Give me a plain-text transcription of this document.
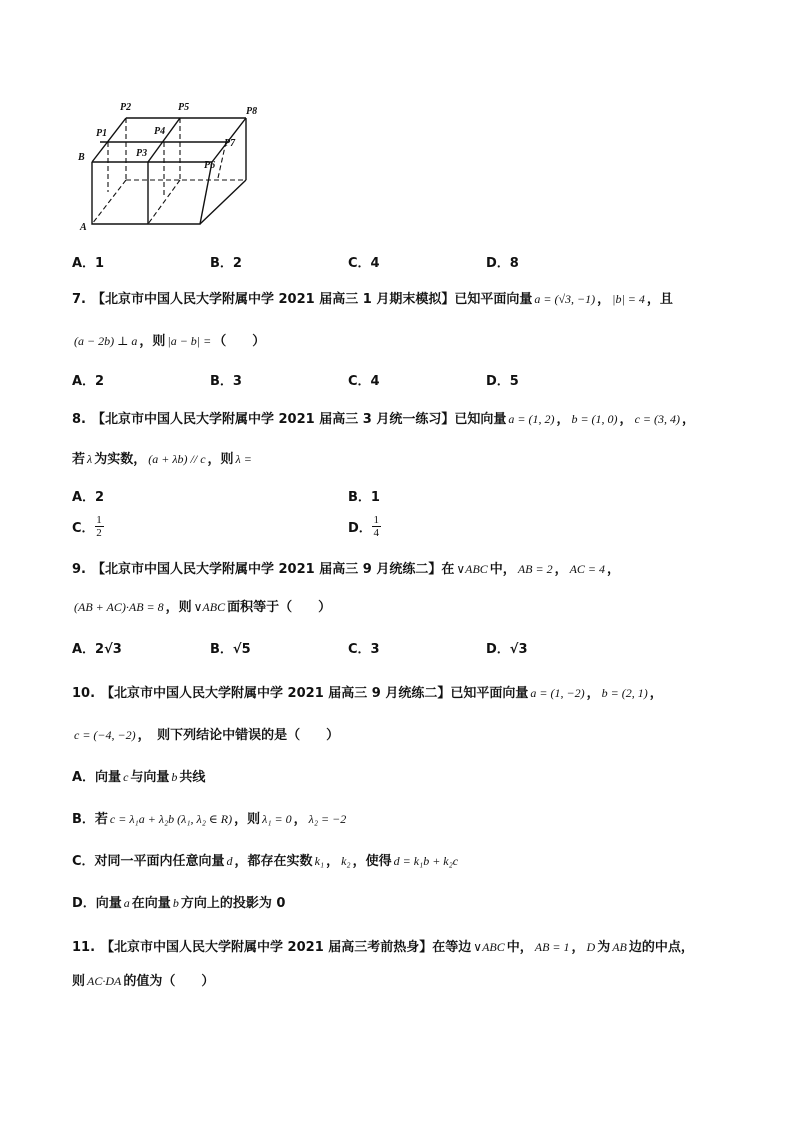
P2	P5	P8
P1	P4
P7
B	P3
P6
A
A．1	B．2	C．4	D．8
7. 【北京市中国人民大学附属中学 2021 届高三 1 月期末模拟】 已知平面向量 a = (√3, −1) ， |b| = 4 ，且
(a − 2b) ⊥ a ，则 |a − b| = （　　）
A．2	B．3	C．4	D．5
8. 【北京市中国人民大学附属中学 2021 届高三 3 月统一练习】 已知向量 a = (1, 2) ， b = (1, 0) ， c = (3, 4) ，
若 λ 为实数， (a + λb) // c ，则 λ =
A．2	B．1
C． $\frac{1}{2}$	D． $\frac{1}{4}$
9. 【北京市中国人民大学附属中学 2021 届高三 9 月统练二】 在 ∨ABC 中， AB = 2 ， AC = 4 ，
(AB + AC)·AB = 8 ，则 ∨ABC 面积等于（　　）
A．2√3	B．√5	C．3	D．√3
10. 【北京市中国人民大学附属中学 2021 届高三 9 月统练二】 已知平面向量 a = (1, −2) ， b = (2, 1) ，
c = (−4, −2) ，　则下列结论中错误的是（　　）
A．向量 c 与向量 b 共线
B．若 c = λ₁a + λ₂b (λ₁, λ₂ ∈ R) ，则 λ₁ = 0 ， λ₂ = −2
C．对同一平面内任意向量 d ，都存在实数 k₁ ， k₂ ，使得 d = k₁b + k₂c
D．向量 a 在向量 b 方向上的投影为 0
11. 【北京市中国人民大学附属中学 2021 届高三考前热身】 在等边 ∨ABC 中， AB = 1 ， D 为 AB 边的中点，
则 AC·DA 的值为（　　）
